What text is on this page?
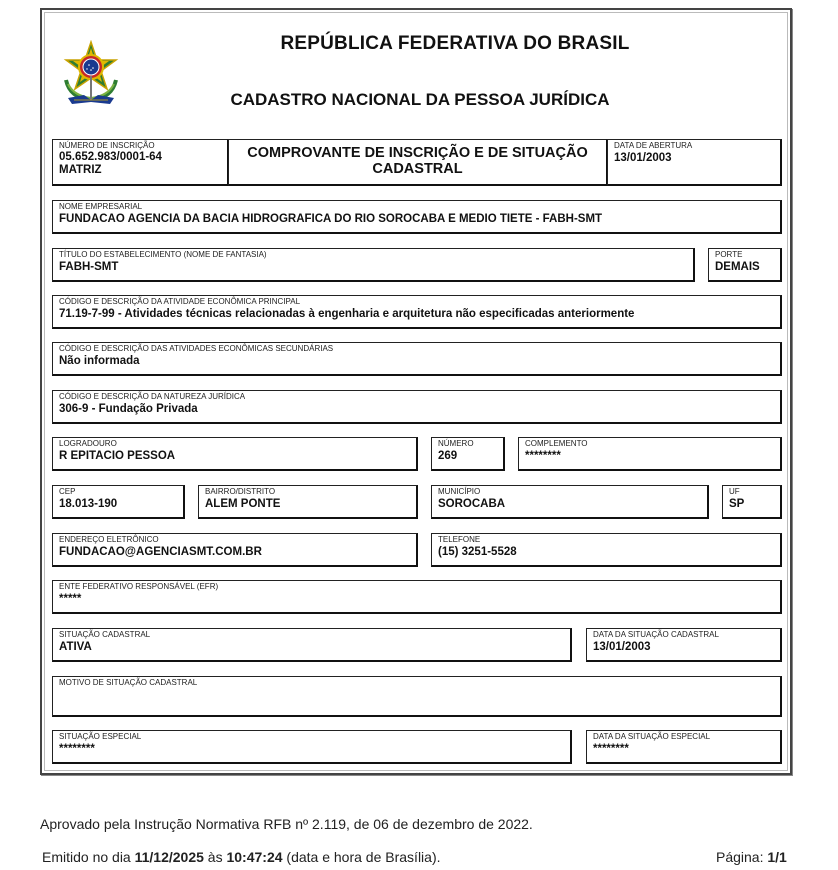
REPÚBLICA FEDERATIVA DO BRASIL
CADASTRO NACIONAL DA PESSOA JURÍDICA
NÚMERO DE INSCRIÇÃO
05.652.983/0001-64
MATRIZ
COMPROVANTE DE INSCRIÇÃO E DE SITUAÇÃO
CADASTRAL
DATA DE ABERTURA
13/01/2003
NOME EMPRESARIAL
FUNDACAO AGENCIA DA BACIA HIDROGRAFICA DO RIO SOROCABA E MEDIO TIETE - FABH-SMT
TÍTULO DO ESTABELECIMENTO (NOME DE FANTASIA)
FABH-SMT
PORTE
DEMAIS
CÓDIGO E DESCRIÇÃO DA ATIVIDADE ECONÔMICA PRINCIPAL
71.19-7-99 - Atividades técnicas relacionadas à engenharia e arquitetura não especificadas anteriormente
CÓDIGO E DESCRIÇÃO DAS ATIVIDADES ECONÔMICAS SECUNDÁRIAS
Não informada
CÓDIGO E DESCRIÇÃO DA NATUREZA JURÍDICA
306-9 - Fundação Privada
LOGRADOURO
R EPITACIO PESSOA
NÚMERO
269
COMPLEMENTO
********
CEP
18.013-190
BAIRRO/DISTRITO
ALEM PONTE
MUNICÍPIO
SOROCABA
UF
SP
ENDEREÇO ELETRÔNICO
FUNDACAO@AGENCIASMT.COM.BR
TELEFONE
(15) 3251-5528
ENTE FEDERATIVO RESPONSÁVEL (EFR)
*****
SITUAÇÃO CADASTRAL
ATIVA
DATA DA SITUAÇÃO CADASTRAL
13/01/2003
MOTIVO DE SITUAÇÃO CADASTRAL
SITUAÇÃO ESPECIAL
********
DATA DA SITUAÇÃO ESPECIAL
********
Aprovado pela Instrução Normativa RFB nº 2.119, de 06 de dezembro de 2022.
Emitido no dia 11/12/2025 às 10:47:24 (data e hora de Brasília).	Página: 1/1
